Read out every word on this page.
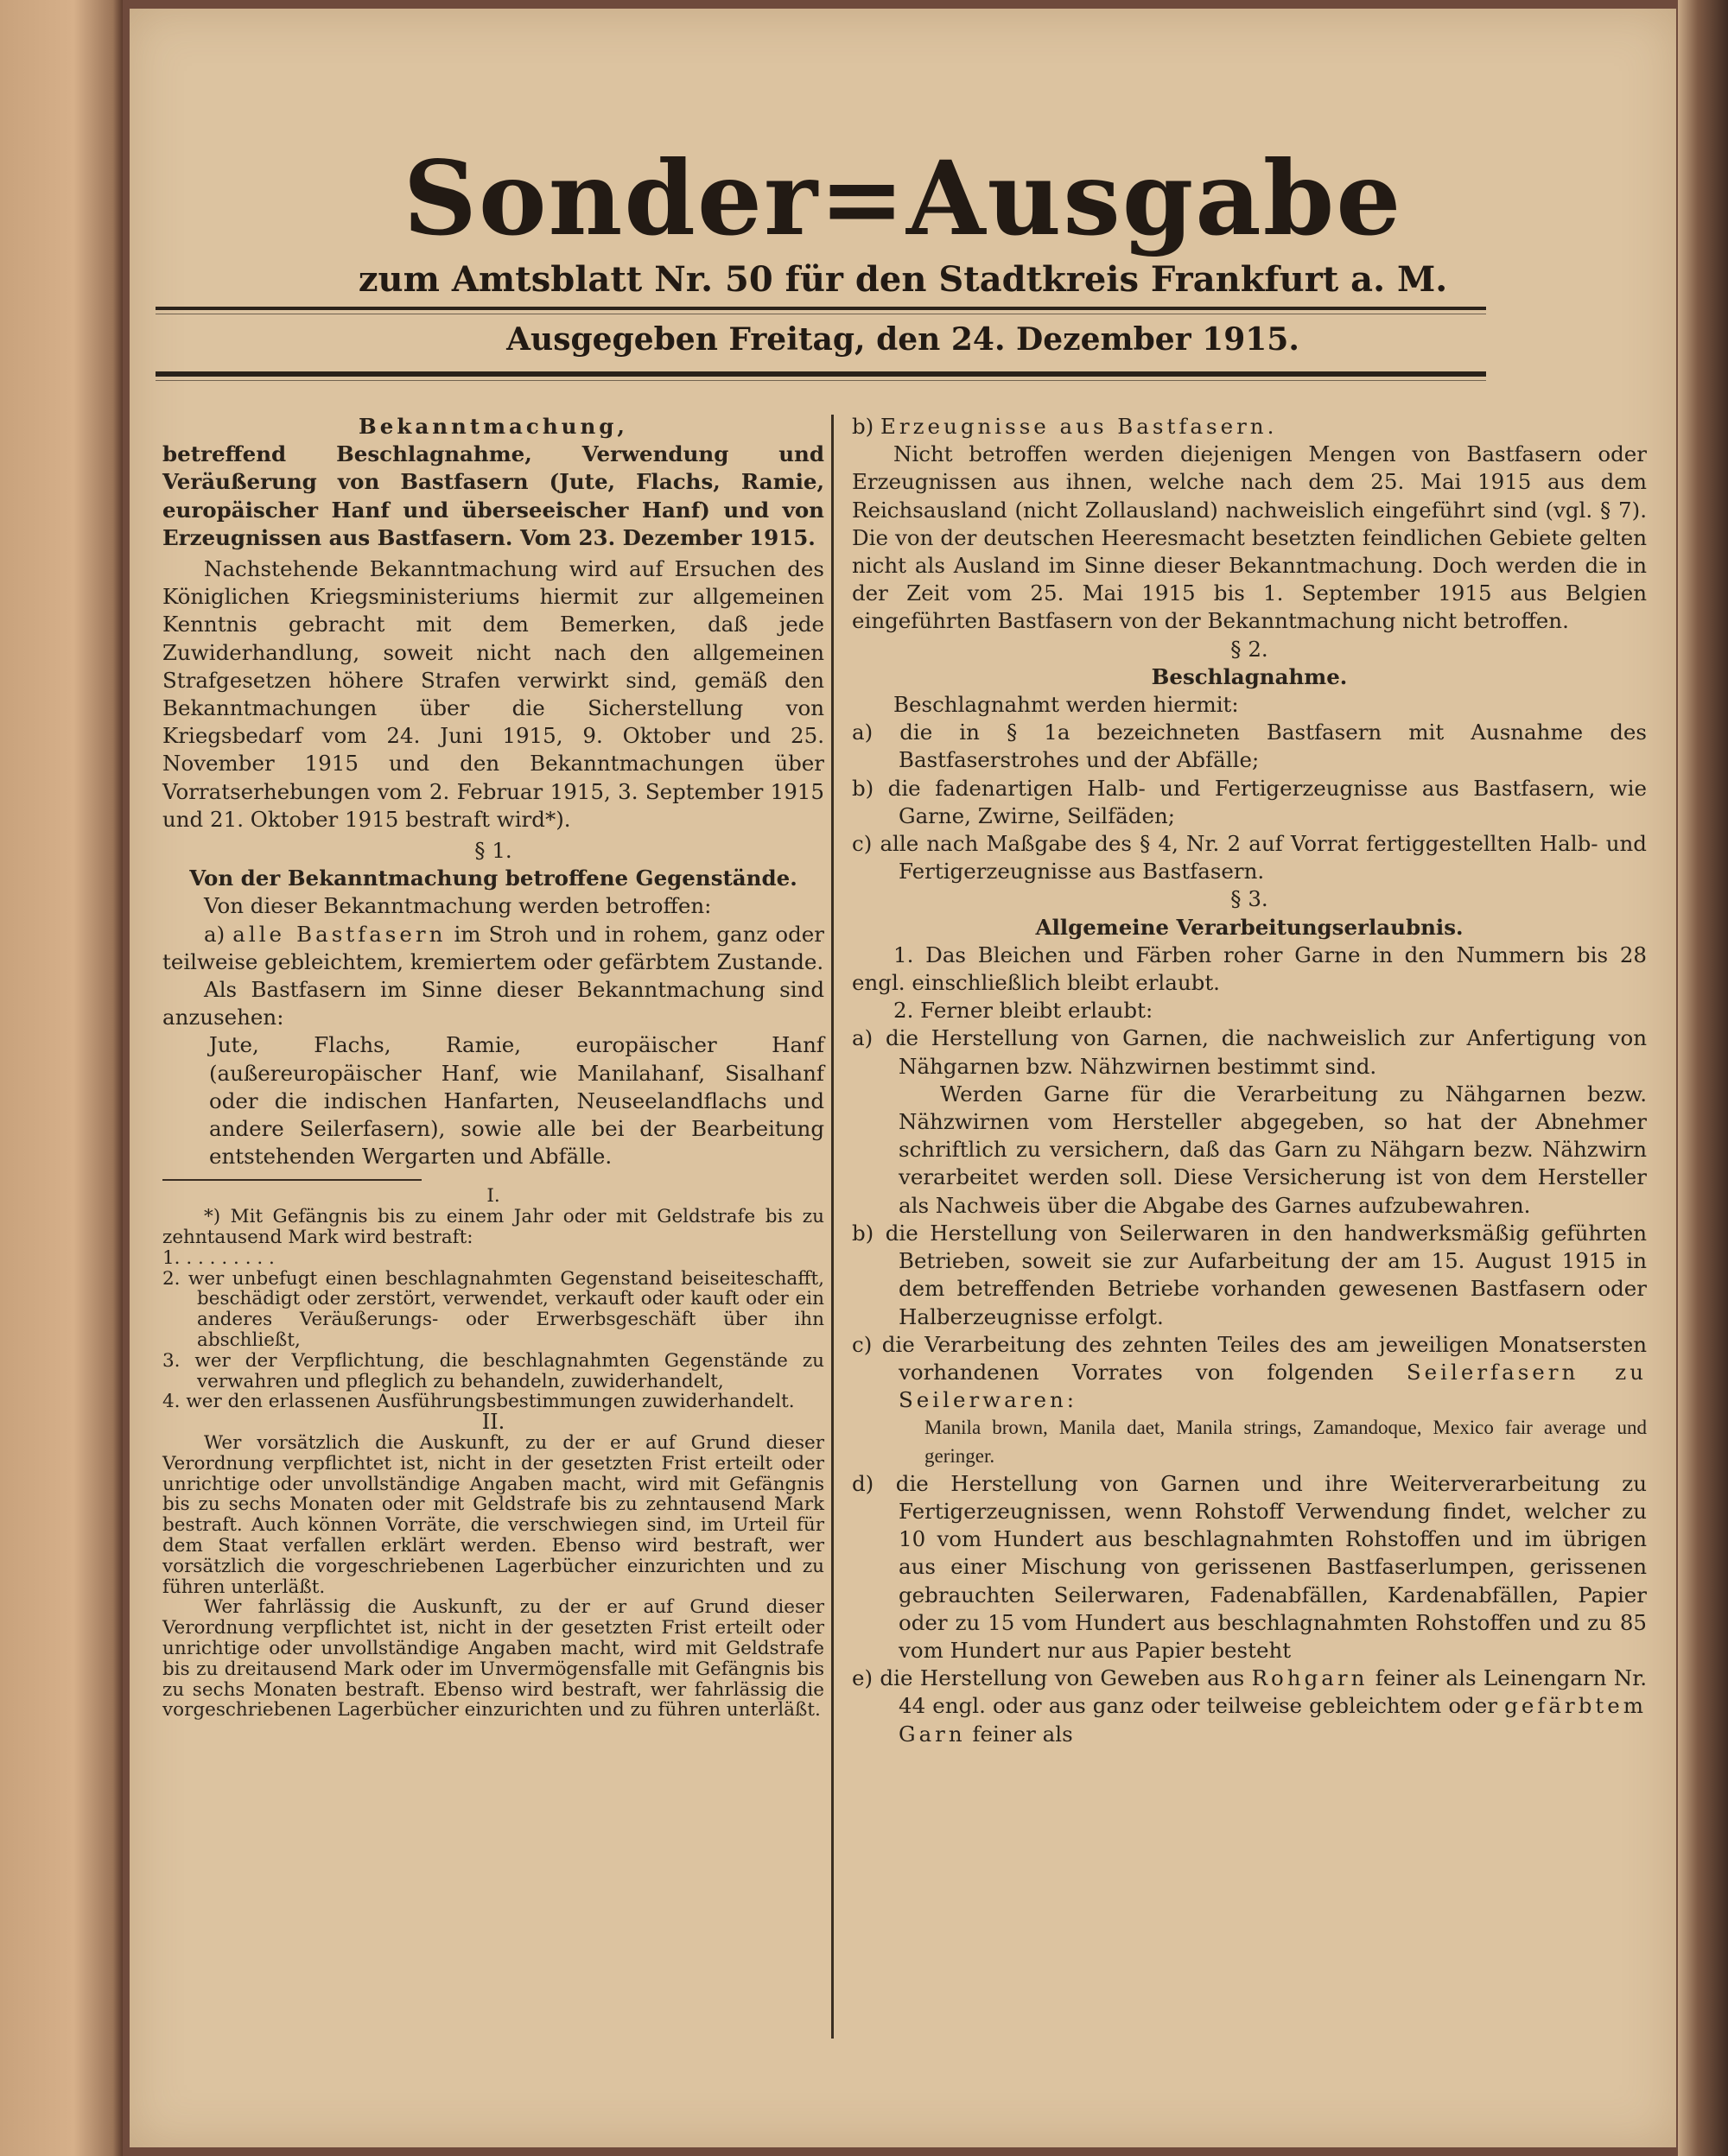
Sonder=Ausgabe
zum Amtsblatt Nr. 50 für den Stadtkreis Frankfurt a. M.
Ausgegeben Freitag, den 24. Dezember 1915.

Bekanntmachung,

betreffend Beschlagnahme, Verwendung und Veräußerung von Bastfasern (Jute, Flachs, Ramie, europäischer Hanf und überseeischer Hanf) und von Erzeugnissen aus Bastfasern. Vom 23. Dezember 1915.

Nachstehende Bekanntmachung wird auf Ersuchen des Königlichen Kriegsministeriums hiermit zur allgemeinen Kenntnis gebracht mit dem Bemerken, daß jede Zuwiderhandlung, soweit nicht nach den allgemeinen Strafgesetzen höhere Strafen verwirkt sind, gemäß den Bekanntmachungen über die Sicherstellung von Kriegsbedarf vom 24. Juni 1915, 9. Oktober und 25. November 1915 und den Bekanntmachungen über Vorratserhebungen vom 2. Februar 1915, 3. September 1915 und 21. Oktober 1915 bestraft wird*).

§ 1.

Von der Bekanntmachung betroffene Gegenstände.

Von dieser Bekanntmachung werden betroffen:

a) alle Bastfasern im Stroh und in rohem, ganz oder teilweise gebleichtem, kremiertem oder gefärbtem Zustande.

Als Bastfasern im Sinne dieser Bekanntmachung sind anzusehen:

Jute, Flachs, Ramie, europäischer Hanf (außereuropäischer Hanf, wie Manilahanf, Sisalhanf oder die indischen Hanfarten, Neuseelandflachs und andere Seilerfasern), sowie alle bei der Bearbeitung entstehenden Wergarten und Abfälle.

I.

*) Mit Gefängnis bis zu einem Jahr oder mit Geldstrafe bis zu zehntausend Mark wird bestraft:

1. . . . . . . . .

2. wer unbefugt einen beschlagnahmten Gegenstand beiseiteschafft, beschädigt oder zerstört, verwendet, verkauft oder kauft oder ein anderes Veräußerungs- oder Erwerbsgeschäft über ihn abschließt,

3. wer der Verpflichtung, die beschlagnahmten Gegenstände zu verwahren und pfleglich zu behandeln, zuwiderhandelt,

4. wer den erlassenen Ausführungsbestimmungen zuwiderhandelt.

II.

Wer vorsätzlich die Auskunft, zu der er auf Grund dieser Verordnung verpflichtet ist, nicht in der gesetzten Frist erteilt oder unrichtige oder unvollständige Angaben macht, wird mit Gefängnis bis zu sechs Monaten oder mit Geldstrafe bis zu zehntausend Mark bestraft. Auch können Vorräte, die verschwiegen sind, im Urteil für dem Staat verfallen erklärt werden. Ebenso wird bestraft, wer vorsätzlich die vorgeschriebenen Lagerbücher einzurichten und zu führen unterläßt.

Wer fahrlässig die Auskunft, zu der er auf Grund dieser Verordnung verpflichtet ist, nicht in der gesetzten Frist erteilt oder unrichtige oder unvollständige Angaben macht, wird mit Geldstrafe bis zu dreitausend Mark oder im Unvermögensfalle mit Gefängnis bis zu sechs Monaten bestraft. Ebenso wird bestraft, wer fahrlässig die vorgeschriebenen Lagerbücher einzurichten und zu führen unterläßt.

b) Erzeugnisse aus Bastfasern.

Nicht betroffen werden diejenigen Mengen von Bastfasern oder Erzeugnissen aus ihnen, welche nach dem 25. Mai 1915 aus dem Reichsausland (nicht Zollausland) nachweislich eingeführt sind (vgl. § 7). Die von der deutschen Heeresmacht besetzten feindlichen Gebiete gelten nicht als Ausland im Sinne dieser Bekanntmachung. Doch werden die in der Zeit vom 25. Mai 1915 bis 1. September 1915 aus Belgien eingeführten Bastfasern von der Bekanntmachung nicht betroffen.

§ 2.

Beschlagnahme.

Beschlagnahmt werden hiermit:

a) die in § 1a bezeichneten Bastfasern mit Ausnahme des Bastfaserstrohes und der Abfälle;

b) die fadenartigen Halb- und Fertigerzeugnisse aus Bastfasern, wie Garne, Zwirne, Seilfäden;

c) alle nach Maßgabe des § 4, Nr. 2 auf Vorrat fertiggestellten Halb- und Fertigerzeugnisse aus Bastfasern.

§ 3.

Allgemeine Verarbeitungserlaubnis.

1. Das Bleichen und Färben roher Garne in den Nummern bis 28 engl. einschließlich bleibt erlaubt.

2. Ferner bleibt erlaubt:

a) die Herstellung von Garnen, die nachweislich zur Anfertigung von Nähgarnen bzw. Nähzwirnen bestimmt sind.

Werden Garne für die Verarbeitung zu Nähgarnen bezw. Nähzwirnen vom Hersteller abgegeben, so hat der Abnehmer schriftlich zu versichern, daß das Garn zu Nähgarn bezw. Nähzwirn verarbeitet werden soll. Diese Versicherung ist von dem Hersteller als Nachweis über die Abgabe des Garnes aufzubewahren.

b) die Herstellung von Seilerwaren in den handwerksmäßig geführten Betrieben, soweit sie zur Aufarbeitung der am 15. August 1915 in dem betreffenden Betriebe vorhanden gewesenen Bastfasern oder Halberzeugnisse erfolgt.

c) die Verarbeitung des zehnten Teiles des am jeweiligen Monatsersten vorhandenen Vorrates von folgenden Seilerfasern zu Seilerwaren:

Manila brown, Manila daet, Manila strings, Zamandoque, Mexico fair average und geringer.

d) die Herstellung von Garnen und ihre Weiterverarbeitung zu Fertigerzeugnissen, wenn Rohstoff Verwendung findet, welcher zu 10 vom Hundert aus beschlagnahmten Rohstoffen und im übrigen aus einer Mischung von gerissenen Bastfaserlumpen, gerissenen gebrauchten Seilerwaren, Fadenabfällen, Kardenabfällen, Papier oder zu 15 vom Hundert aus beschlagnahmten Rohstoffen und zu 85 vom Hundert nur aus Papier besteht

e) die Herstellung von Geweben aus Rohgarn feiner als Leinengarn Nr. 44 engl. oder aus ganz oder teilweise gebleichtem oder gefärbtem Garn feiner als
